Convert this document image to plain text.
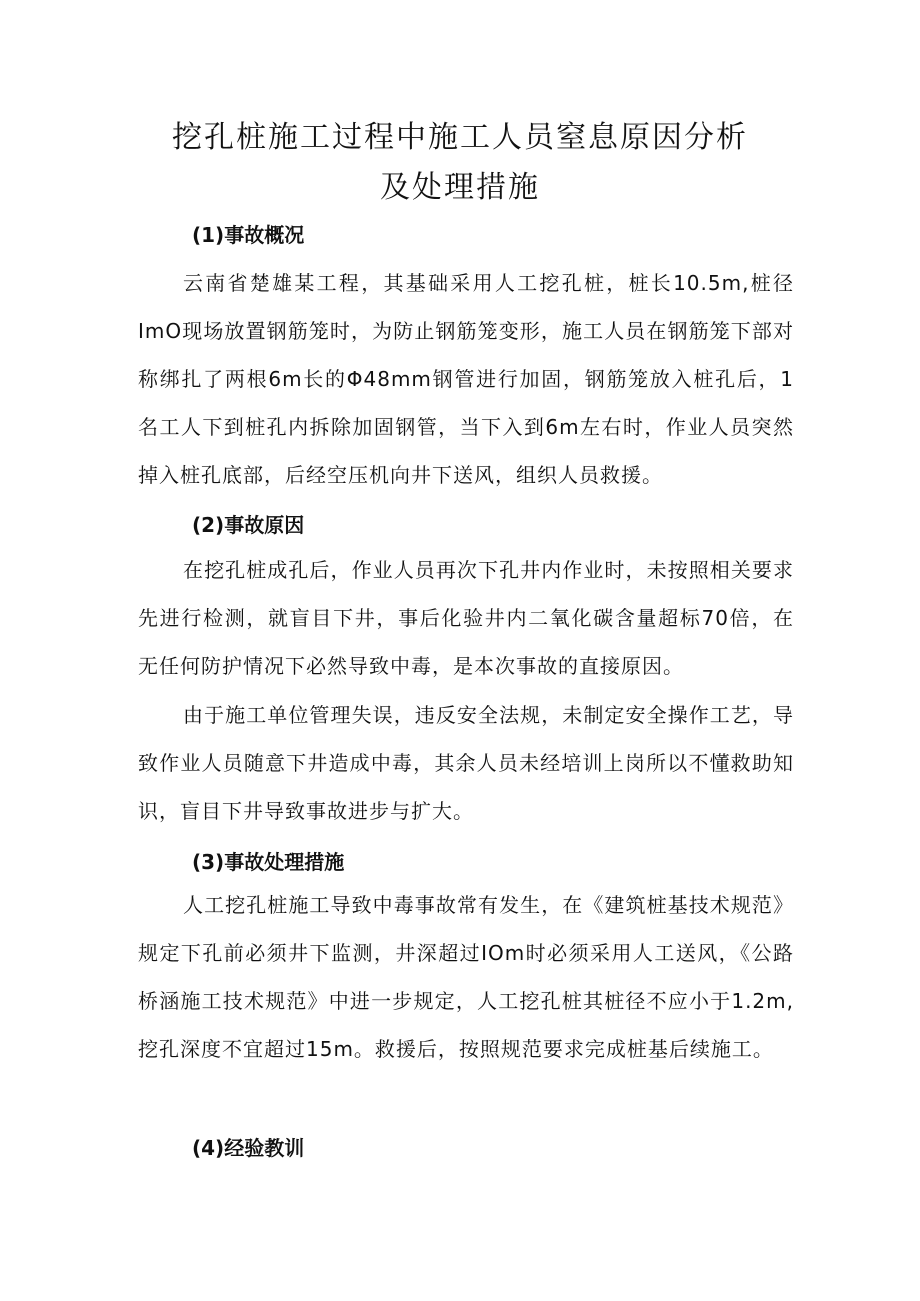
挖孔桩施工过程中施工人员窒息原因分析
及处理措施
(1)事故概况

云南省楚雄某工程，其基础采用人工挖孔桩，桩长10.5m,桩径ImO现场放置钢筋笼时，为防止钢筋笼变形，施工人员在钢筋笼下部对称绑扎了两根6m长的Φ48mm钢管进行加固，钢筋笼放入桩孔后，1名工人下到桩孔内拆除加固钢管，当下入到6m左右时，作业人员突然掉入桩孔底部，后经空压机向井下送风，组织人员救援。

(2)事故原因

在挖孔桩成孔后，作业人员再次下孔井内作业时，未按照相关要求先进行检测，就盲目下井，事后化验井内二氧化碳含量超标70倍，在无任何防护情况下必然导致中毒，是本次事故的直接原因。

由于施工单位管理失误，违反安全法规，未制定安全操作工艺，导致作业人员随意下井造成中毒，其余人员未经培训上岗所以不懂救助知识，盲目下井导致事故进步与扩大。

(3)事故处理措施

人工挖孔桩施工导致中毒事故常有发生，在《建筑桩基技术规范》规定下孔前必须井下监测，井深超过IOm时必须采用人工送风，《公路桥涵施工技术规范》中进一步规定，人工挖孔桩其桩径不应小于1.2m,挖孔深度不宜超过15m。救援后，按照规范要求完成桩基后续施工。

(4)经验教训
